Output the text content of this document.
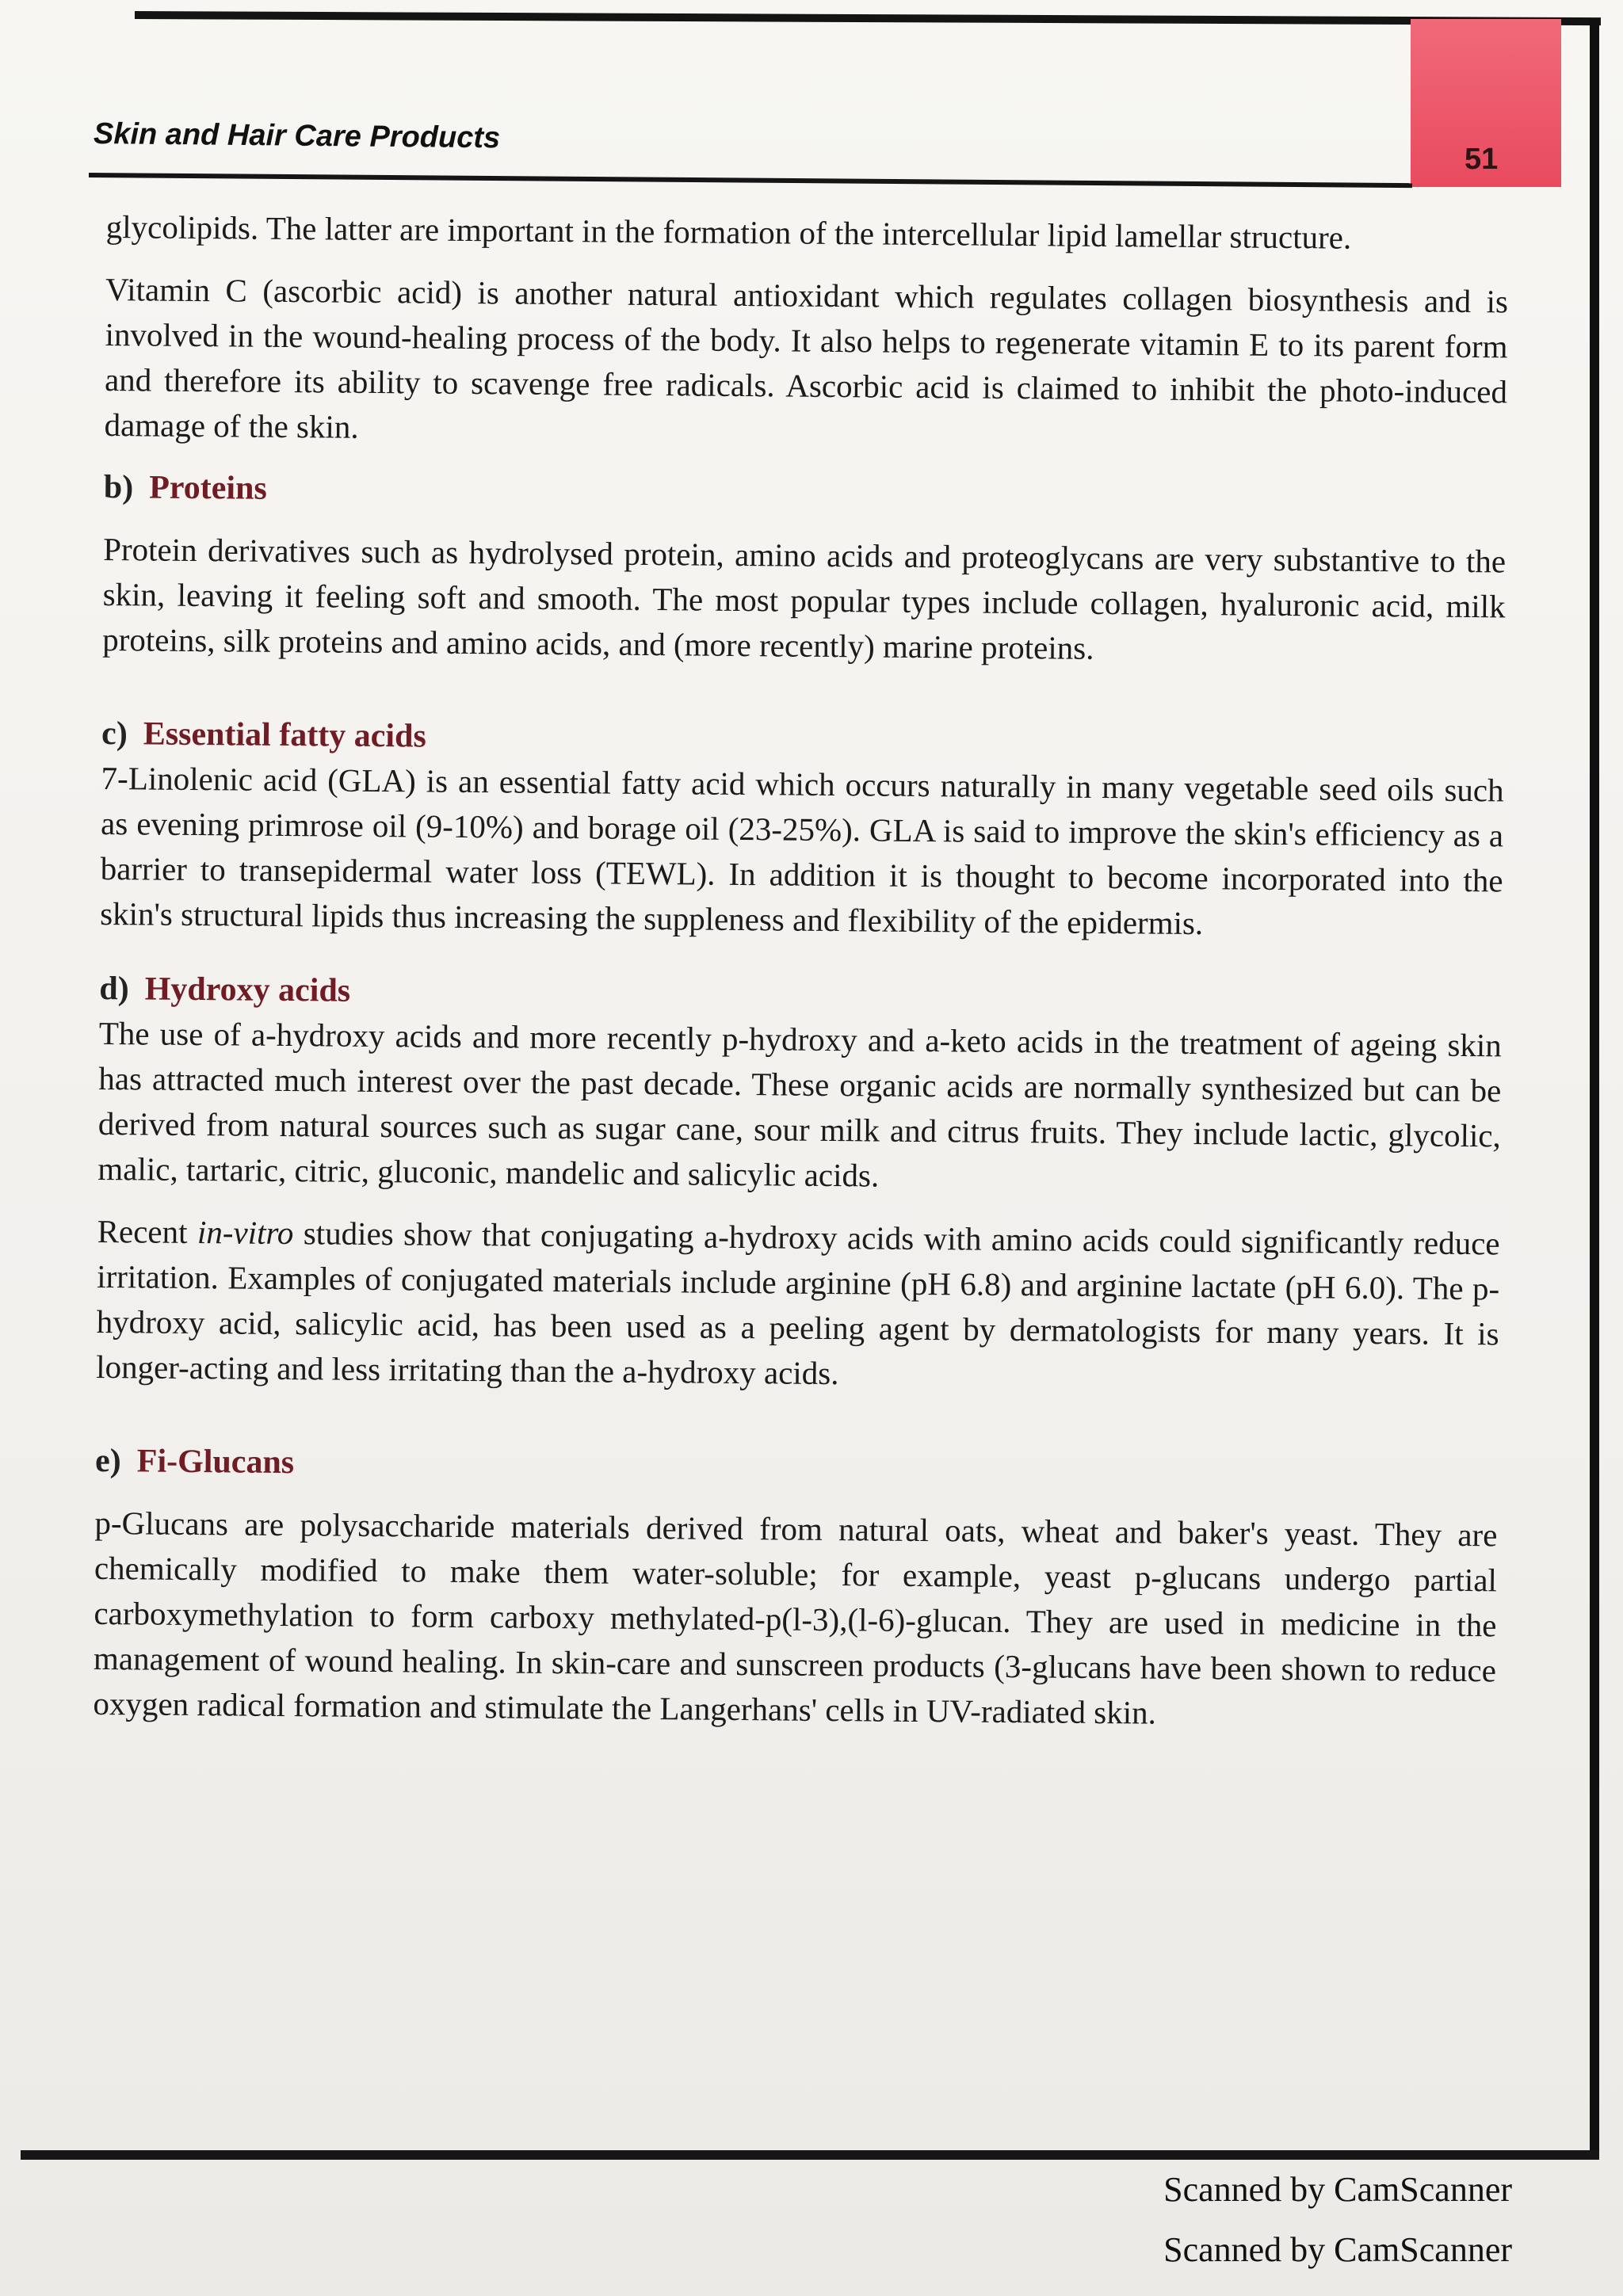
51
Skin and Hair Care Products

glycolipids. The latter are important in the formation of the intercellular lipid lamellar structure.

Vitamin C (ascorbic acid) is another natural antioxidant which regulates collagen biosynthesis and is involved in the wound-healing process of the body. It also helps to regenerate vitamin E to its parent form and therefore its ability to scavenge free radicals. Ascorbic acid is claimed to inhibit the photo-induced damage of the skin.

b) Proteins

Protein derivatives such as hydrolysed protein, amino acids and proteoglycans are very substantive to the skin, leaving it feeling soft and smooth. The most popular types include collagen, hyaluronic acid, milk proteins, silk proteins and amino acids, and (more recently) marine proteins.

c) Essential fatty acids

7-Linolenic acid (GLA) is an essential fatty acid which occurs naturally in many vegetable seed oils such as evening primrose oil (9-10%) and borage oil (23-25%). GLA is said to improve the skin's efficiency as a barrier to transepidermal water loss (TEWL). In addition it is thought to become incorporated into the skin's structural lipids thus increasing the suppleness and flexibility of the epidermis.

d) Hydroxy acids

The use of a-hydroxy acids and more recently p-hydroxy and a-keto acids in the treatment of ageing skin has attracted much interest over the past decade. These organic acids are normally synthesized but can be derived from natural sources such as sugar cane, sour milk and citrus fruits. They include lactic, glycolic, malic, tartaric, citric, gluconic, mandelic and salicylic acids.

Recent in-vitro studies show that conjugating a-hydroxy acids with amino acids could significantly reduce irritation. Examples of conjugated materials include arginine (pH 6.8) and arginine lactate (pH 6.0). The p-hydroxy acid, salicylic acid, has been used as a peeling agent by dermatologists for many years. It is longer-acting and less irritating than the a-hydroxy acids.

e) Fi-Glucans

p-Glucans are polysaccharide materials derived from natural oats, wheat and baker's yeast. They are chemically modified to make them water-soluble; for example, yeast p-glucans undergo partial carboxymethylation to form carboxy methylated-p(l-3),(l-6)-glucan. They are used in medicine in the management of wound healing. In skin-care and sunscreen products (3-glucans have been shown to reduce oxygen radical formation and stimulate the Langerhans' cells in UV-radiated skin.

Scanned by CamScanner
Scanned by CamScanner
